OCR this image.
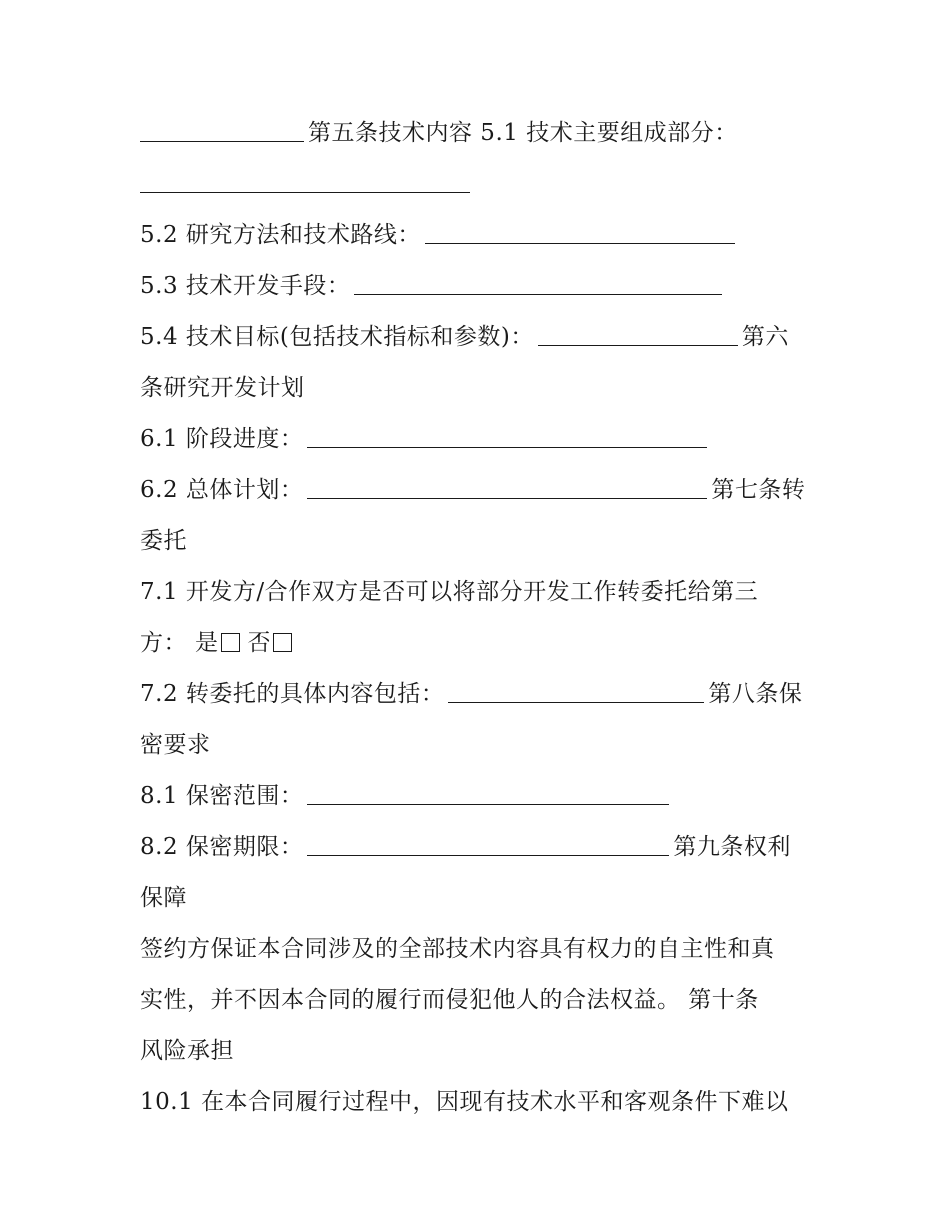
第五条技术内容 5.1 技术主要组成部分：
5.2 研究方法和技术路线：
5.3 技术开发手段：
5.4 技术目标(包括技术指标和参数)：	第六
条研究开发计划
6.1 阶段进度：
6.2 总体计划：	第七条转
委托
7.1 开发方/合作双方是否可以将部分开发工作转委托给第三
方： 是 否
7.2 转委托的具体内容包括：	第八条保
密要求
8.1 保密范围：
8.2 保密期限：	第九条权利
保障
签约方保证本合同涉及的全部技术内容具有权力的自主性和真
实性，并不因本合同的履行而侵犯他人的合法权益。 第十条
风险承担
10.1 在本合同履行过程中，因现有技术水平和客观条件下难以
